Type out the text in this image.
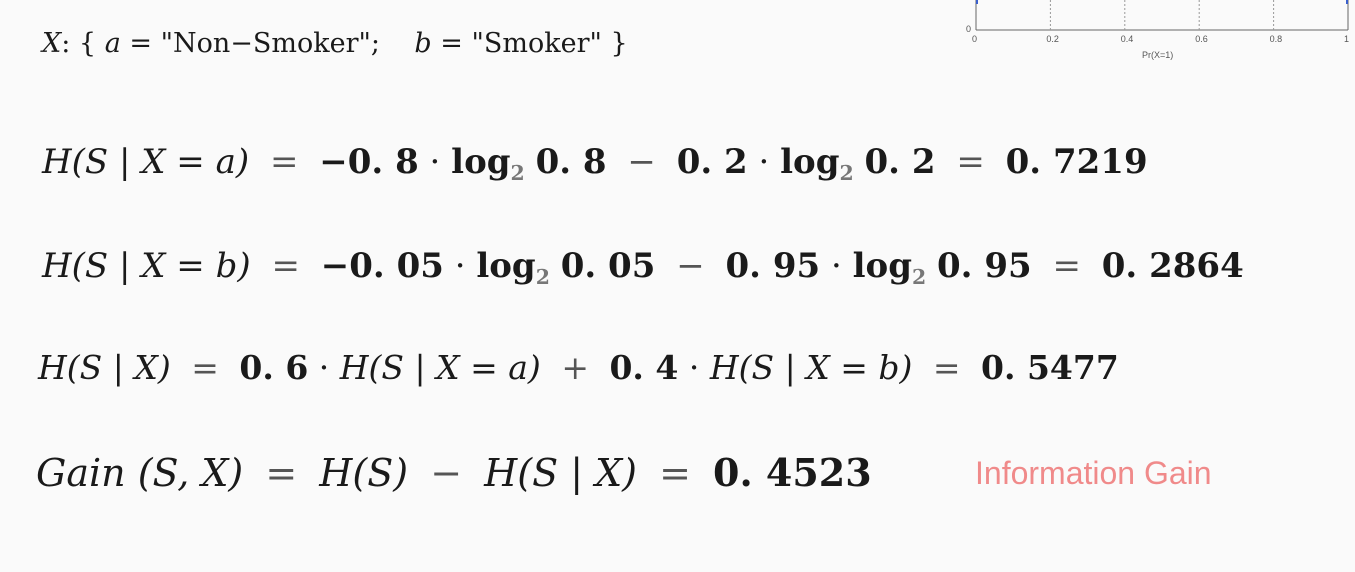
0	0.2	0.4	0.6	0.8	1
0
Pr(X=1)
X: { a = "Non−Smoker"; b = "Smoker" }
H(S | X = a) = −0. $8 \cdot \log_2 0$. 8 − 0. $2 \cdot \log_2 0$. 2 = 0. 7219
H(S | X = b) = −0. $05 \cdot \log_2 0$. 05 − 0. $95 \cdot \log_2 0$. 95 = 0. 2864
H(S | X) = 0. 6 · H(S | X = a) + 0. 4 · H(S | X = b) = 0. 5477
Gain (S, X) = H(S) − H(S | X) = 0. 4523	Information Gain
